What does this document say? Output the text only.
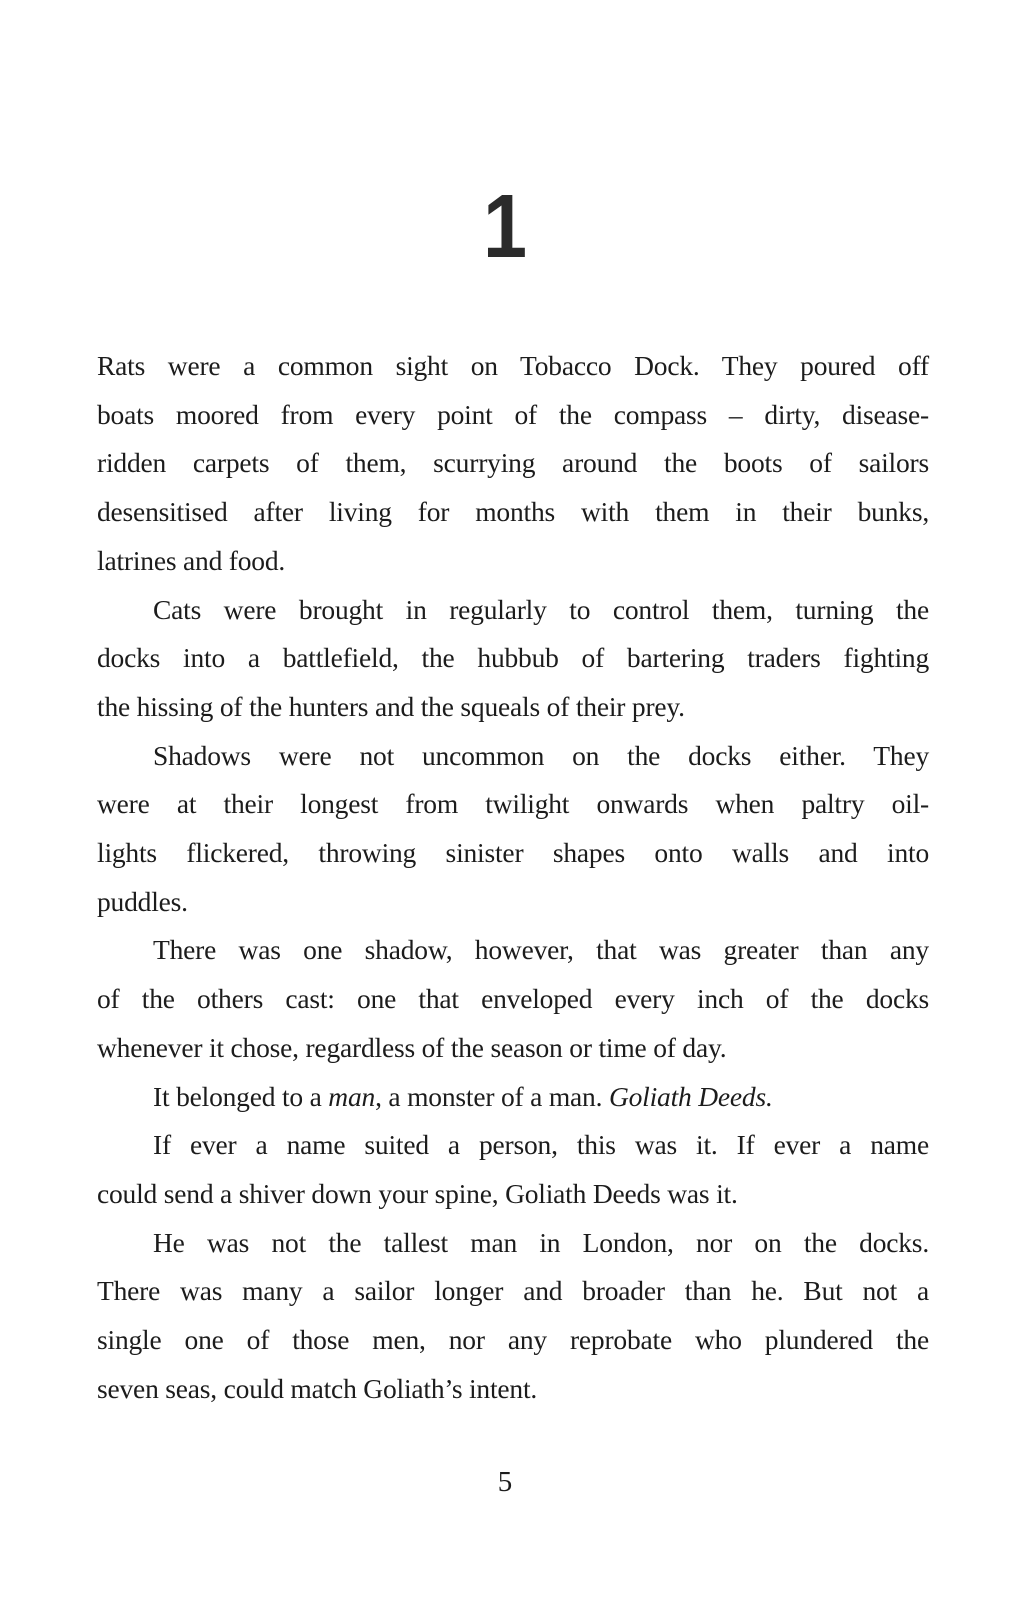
1

Rats were a common sight on Tobacco Dock. They poured off
boats moored from every point of the compass – dirty, disease-
ridden carpets of them, scurrying around the boots of sailors
desensitised after living for months with them in their bunks,
latrines and food.

Cats were brought in regularly to control them, turning the
docks into a battlefield, the hubbub of bartering traders fighting
the hissing of the hunters and the squeals of their prey.

Shadows were not uncommon on the docks either. They
were at their longest from twilight onwards when paltry oil-
lights flickered, throwing sinister shapes onto walls and into
puddles.

There was one shadow, however, that was greater than any
of the others cast: one that enveloped every inch of the docks
whenever it chose, regardless of the season or time of day.

It belonged to a man, a monster of a man. Goliath Deeds.

If ever a name suited a person, this was it. If ever a name
could send a shiver down your spine, Goliath Deeds was it.

He was not the tallest man in London, nor on the docks.
There was many a sailor longer and broader than he. But not a
single one of those men, nor any reprobate who plundered the
seven seas, could match Goliath’s intent.

5
